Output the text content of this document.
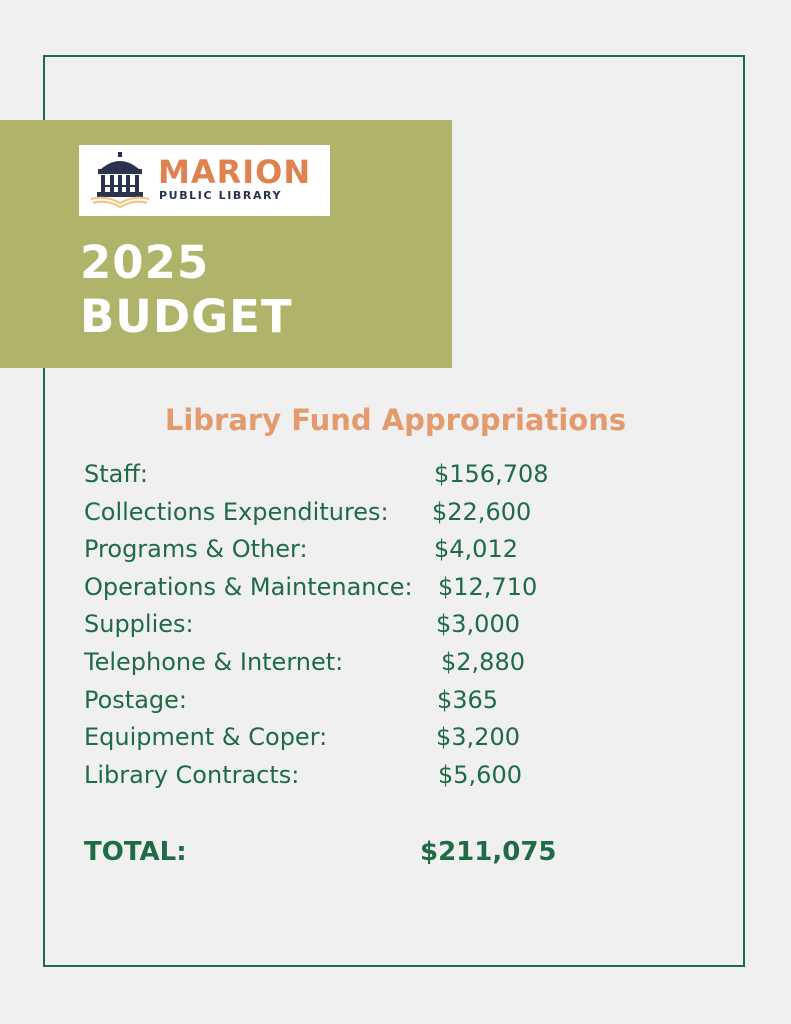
MARION
PUBLIC LIBRARY
2025
BUDGET
Library Fund Appropriations
Staff:	$156,708
Collections Expenditures: $22,600
Programs & Other:	$4,012
Operations & Maintenance: $12,710
Supplies:	$3,000
Telephone & Internet:	$2,880
Postage:	$365
Equipment & Coper:	$3,200
Library Contracts:	$5,600
TOTAL:	$211,075
